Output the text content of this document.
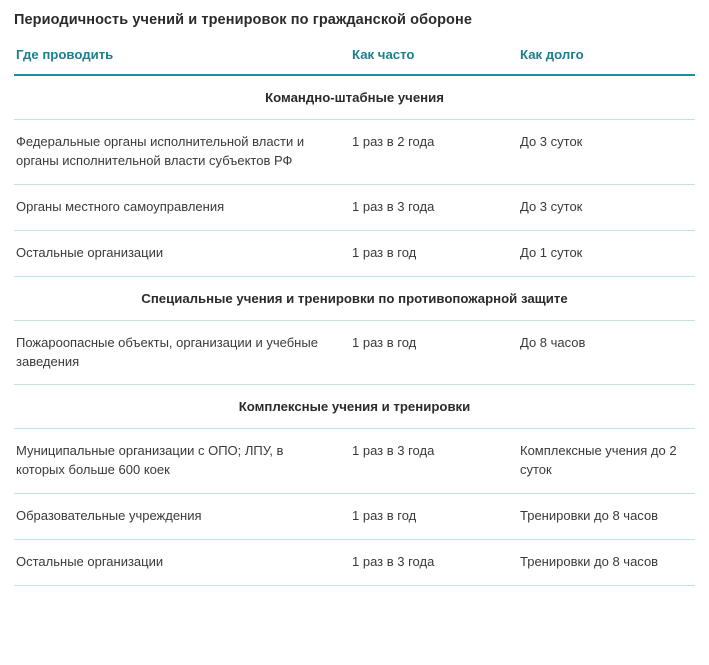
Периодичность учений и тренировок по гражданской обороне
Где проводить	Как часто	Как долго
Командно-штабные учения		
Федеральные органы исполнительной власти и органы исполнительной власти субъектов РФ	1 раз в 2 года	До 3 суток
Органы местного самоуправления	1 раз в 3 года	До 3 суток
Остальные организации	1 раз в год	До 1 суток
Специальные учения и тренировки по противопожарной защите		
Пожароопасные объекты, организации и учебные заведения	1 раз в год	До 8 часов
Комплексные учения и тренировки		
Муниципальные организации с ОПО; ЛПУ, в которых больше 600 коек	1 раз в 3 года	Комплексные учения до 2 суток
Образовательные учреждения	1 раз в год	Тренировки до 8 часов
Остальные организации	1 раз в 3 года	Тренировки до 8 часов
